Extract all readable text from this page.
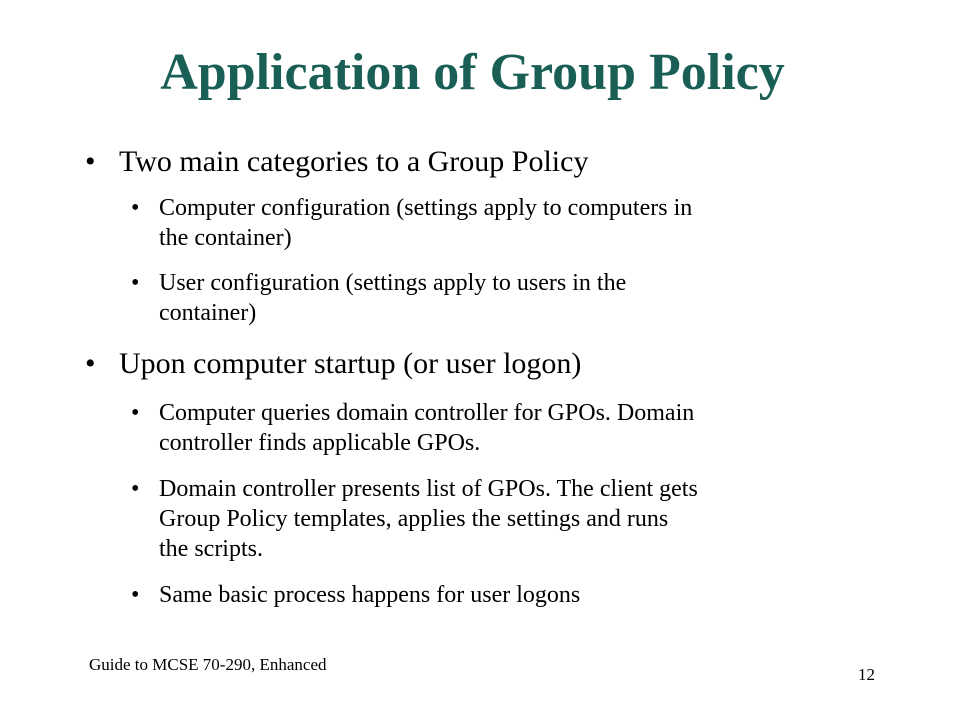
Application of Group Policy
• Two main categories to a Group Policy
• Computer configuration (settings apply to computers in
the container)
• User configuration (settings apply to users in the
container)
• Upon computer startup (or user logon)
• Computer queries domain controller for GPOs. Domain
controller finds applicable GPOs.
• Domain controller presents list of GPOs. The client gets
Group Policy templates, applies the settings and runs
the scripts.
• Same basic process happens for user logons
Guide to MCSE 70-290, Enhanced
12
